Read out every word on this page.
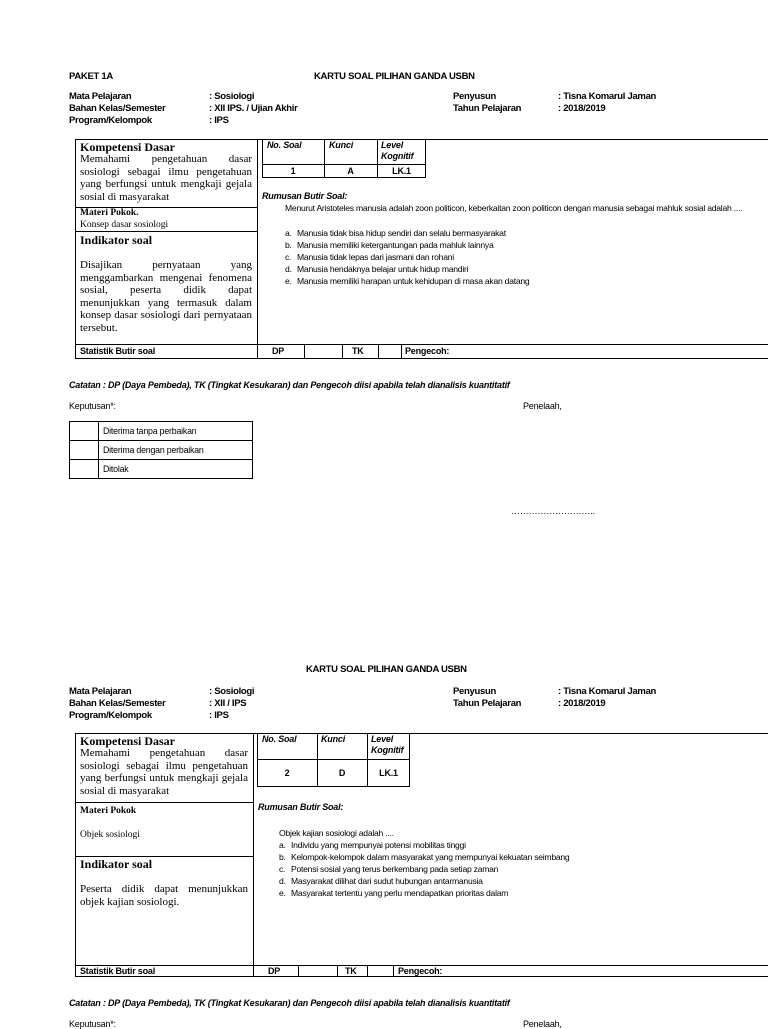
PAKET 1A	KARTU SOAL PILIHAN GANDA USBN
Mata Pelajaran	: Sosiologi
Bahan Kelas/Semester	: XII IPS. / Ujian Akhir
Program/Kelompok	: IPS
Penyusun	: Tisna Komarul Jaman
Tahun Pelajaran	: 2018/2019
Kompetensi Dasar
Memahami pengetahuan dasar sosiologi sebagai ilmu pengetahuan yang berfungsi untuk mengkaji gejala sosial di masyarakat
Materi Pokok.
Konsep dasar sosiologi
Indikator soal
Disajikan pernyataan yang menggambarkan mengenai fenomena sosial, peserta didik dapat menunjukkan yang termasuk dalam konsep dasar sosiologi dari pernyataan tersebut.
No. Soal	Kunci	Level Kognitif
1	A	LK.1
Rumusan Butir Soal:
Menurut Aristoteles manusia adalah zoon politicon, keberkaitan zoon politicon dengan manusia sebagai mahluk sosial adalah ....
a. Manusia tidak bisa hidup sendiri dan selalu bermasyarakat
b. Manusia memiliki ketergantungan pada mahluk lainnya
c. Manusia tidak lepas dari jasmani dan rohani
d. Manusia hendaknya belajar untuk hidup mandiri
e. Manusia memiliki harapan untuk kehidupan di masa akan datang
Statistik Butir soal	DP	TK	Pengecoh:
Catatan : DP (Daya Pembeda), TK (Tingkat Kesukaran) dan Pengecoh diisi apabila telah dianalisis kuantitatif
Keputusan*:	Penelaah,
	Diterima tanpa perbaikan
	Diterima dengan perbaikan
	Ditolak
………………………..
KARTU SOAL PILIHAN GANDA USBN
Mata Pelajaran	: Sosiologi
Bahan Kelas/Semester	: XII / IPS
Program/Kelompok	: IPS
Penyusun	: Tisna Komarul Jaman
Tahun Pelajaran	: 2018/2019
Kompetensi Dasar
Memahami pengetahuan dasar sosiologi sebagai ilmu pengetahuan yang berfungsi untuk mengkaji gejala sosial di masyarakat
Materi Pokok
Objek sosiologi
Indikator soal
Peserta didik dapat menunjukkan objek kajian sosiologi.
No. Soal	Kunci	Level Kognitif
2	D	LK.1
Rumusan Butir Soal:
Objek kajian sosiologi adalah ....
a. Individu yang mempunyai potensi mobilitas tinggi
b. Kelompok-kelompok dalam masyarakat yang mempunyai kekuatan seimbang
c. Potensi sosial yang terus berkembang pada setiap zaman
d. Masyarakat dilihat dari sudut hubungan antarmanusia
e. Masyarakat tertentu yang perlu mendapatkan prioritas dalam
Statistik Butir soal	DP	TK	Pengecoh:
Catatan : DP (Daya Pembeda), TK (Tingkat Kesukaran) dan Pengecoh diisi apabila telah dianalisis kuantitatif
Keputusan*:	Penelaah,
